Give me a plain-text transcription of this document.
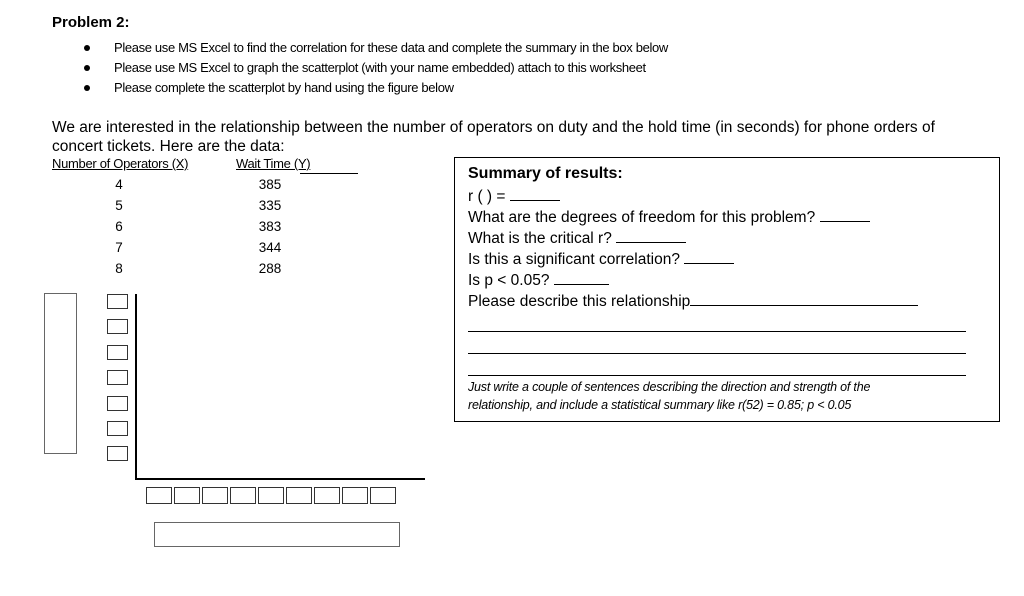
Problem 2:
Please use MS Excel to find the correlation for these data and complete the summary in the box below
Please use MS Excel to graph the scatterplot (with your name embedded) attach to this worksheet
Please complete the scatterplot by hand using the figure below
We are interested in the relationship between the number of operators on duty and the hold time (in seconds) for phone orders of concert tickets. Here are the data:
Number of Operators (X)	Wait Time (Y)
4	385
5	335
6	383
7	344
8	288
Summary of results:
r ( ) =
What are the degrees of freedom for this problem?
What is the critical r?
Is this a significant correlation?
Is p < 0.05?
Please describe this relationship
Just write a couple of sentences describing the direction and strength of the
relationship, and include a statistical summary like r(52) = 0.85; p < 0.05
